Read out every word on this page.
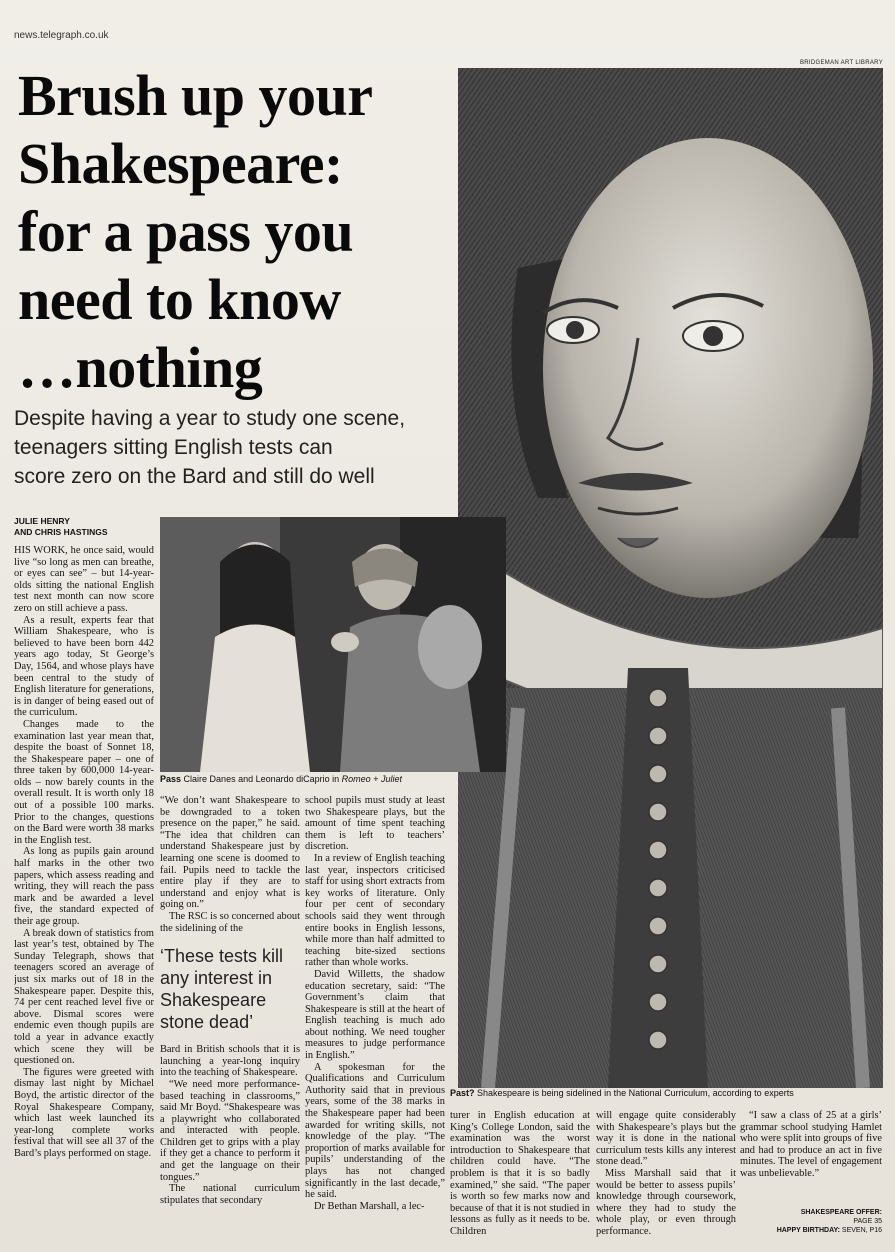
news.telegraph.co.uk
BRIDGEMAN ART LIBRARY
Brush up your
Shakespeare:
for a pass you
need to know
…nothing
Despite having a year to study one scene,
teenagers sitting English tests can
score zero on the Bard and still do well
JULIE HENRY
AND CHRIS HASTINGS
Past? Shakespeare is being sidelined in the National Curriculum, according to experts
Pass Claire Danes and Leonardo diCaprio in Romeo + Juliet

HIS WORK, he once said, would live “so long as men can breathe, or eyes can see” – but 14-year-olds sitting the national English test next month can now score zero on still achieve a pass.

As a result, experts fear that William Shakespeare, who is believed to have been born 442 years ago today, St George’s Day, 1564, and whose plays have been central to the study of English literature for generations, is in danger of being eased out of the curriculum.

Changes made to the examination last year mean that, despite the boast of Sonnet 18, the Shakespeare paper – one of three taken by 600,000 14-year-olds – now barely counts in the overall result. It is worth only 18 out of a possible 100 marks. Prior to the changes, questions on the Bard were worth 38 marks in the English test.

As long as pupils gain around half marks in the other two papers, which assess reading and writing, they will reach the pass mark and be awarded a level five, the standard expected of their age group.

A break down of statistics from last year’s test, obtained by The Sunday Telegraph, shows that teenagers scored an average of just six marks out of 18 in the Shakespeare paper. Despite this, 74 per cent reached level five or above. Dismal scores were endemic even though pupils are told a year in advance exactly which scene they will be questioned on.

The figures were greeted with dismay last night by Michael Boyd, the artistic director of the Royal Shakespeare Company, which last week launched its year-long complete works festival that will see all 37 of the Bard’s plays performed on stage.

“We don’t want Shakespeare to be downgraded to a token presence on the paper,” he said. “The idea that children can understand Shakespeare just by learning one scene is doomed to fail. Pupils need to tackle the entire play if they are to understand and enjoy what is going on.”

The RSC is so concerned about the sidelining of the

Bard in British schools that it is launching a year-long inquiry into the teaching of Shakespeare.

“We need more performance-based teaching in classrooms,” said Mr Boyd. “Shakespeare was a playwright who collaborated and interacted with people. Children get to grips with a play if they get a chance to perform it and get the language on their tongues.”

The national curriculum stipulates that secondary

‘These tests kill any interest in Shakespeare stone dead’

school pupils must study at least two Shakespeare plays, but the amount of time spent teaching them is left to teachers’ discretion.

In a review of English teaching last year, inspectors criticised staff for using short extracts from key works of literature. Only four per cent of secondary schools said they went through entire books in English lessons, while more than half admitted to teaching bite-sized sections rather than whole works.

David Willetts, the shadow education secretary, said: “The Government’s claim that Shakespeare is still at the heart of English teaching is much ado about nothing. We need tougher measures to judge performance in English.”

A spokesman for the Qualifications and Curriculum Authority said that in previous years, some of the 38 marks in the Shakespeare paper had been awarded for writing skills, not knowledge of the play. “The proportion of marks available for pupils’ understanding of the plays has not changed significantly in the last decade,” he said.

Dr Bethan Marshall, a lec-

turer in English education at King’s College London, said the examination was the worst introduction to Shakespeare that children could have. “The problem is that it is so badly examined,” she said. “The paper is worth so few marks now and because of that it is not studied in lessons as fully as it needs to be. Children

will engage quite considerably with Shakespeare’s plays but the way it is done in the national curriculum tests kills any interest stone dead.”

Miss Marshall said that it would be better to assess pupils’ knowledge through coursework, where they had to study the whole play, or even through performance.

“I saw a class of 25 at a girls’ grammar school studying Hamlet who were split into groups of five and had to produce an act in five minutes. The level of engagement was unbelievable.”

SHAKESPEARE OFFER:
PAGE 35
HAPPY BIRTHDAY: SEVEN, P16
